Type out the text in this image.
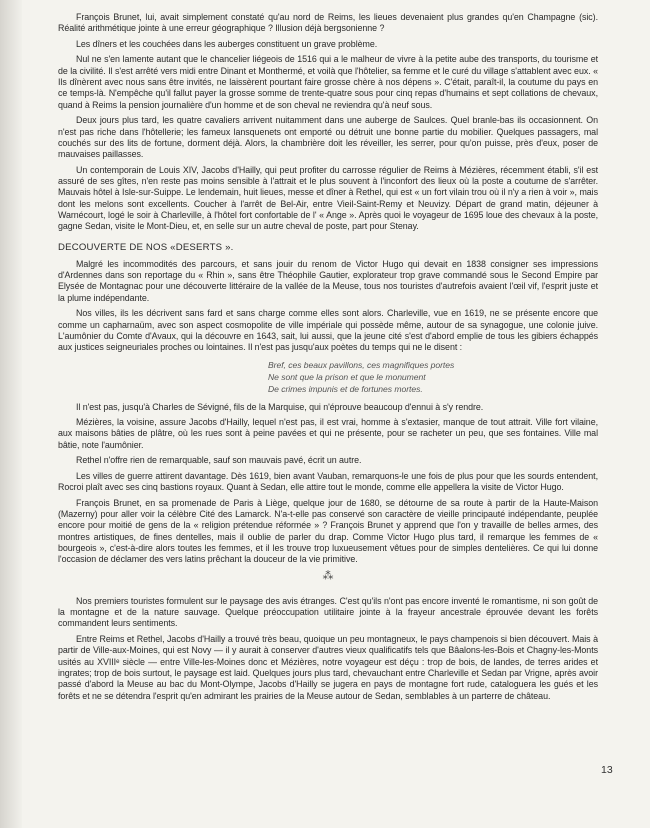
François Brunet, lui, avait simplement constaté qu'au nord de Reims, les lieues devenaient plus grandes qu'en Champagne (sic). Réalité arithmétique jointe à une erreur géographique ? Illusion déjà bergsonienne ?

Les dîners et les couchées dans les auberges constituent un grave problème.

Nul ne s'en lamente autant que le chancelier liégeois de 1516 qui a le malheur de vivre à la petite aube des transports, du tourisme et de la civilité. Il s'est arrêté vers midi entre Dinant et Monthermé, et voilà que l'hôtelier, sa femme et le curé du village s'attablent avec eux. « Ils dînèrent avec nous sans être invités, ne laissèrent pourtant faire grosse chère à nos dépens ». C'était, paraît-il, la coutume du pays en ce temps-là. N'empêche qu'il fallut payer la grosse somme de trente-quatre sous pour cinq repas d'humains et sept collations de chevaux, quand à Reims la pension journalière d'un homme et de son cheval ne reviendra qu'à neuf sous.

Deux jours plus tard, les quatre cavaliers arrivent nuitamment dans une auberge de Saulces. Quel branle-bas ils occasionnent. On n'est pas riche dans l'hôtellerie; les fameux lansquenets ont emporté ou détruit une bonne partie du mobilier. Quelques passagers, mal couchés sur des lits de fortune, dorment déjà. Alors, la chambrière doit les réveiller, les serrer, pour qu'on puisse, près d'eux, poser de mauvaises paillasses.

Un contemporain de Louis XIV, Jacobs d'Hailly, qui peut profiter du carrosse régulier de Reims à Mézières, récemment établi, s'il est assuré de ses gîtes, n'en reste pas moins sensible à l'attrait et le plus souvent à l'inconfort des lieux où la poste a coutume de s'arrêter. Mauvais hôtel à Isle-sur-Suippe. Le lendemain, huit lieues, messe et dîner à Rethel, qui est « un fort vilain trou où il n'y a rien à voir », mais dont les melons sont excellents. Coucher à l'arrêt de Bel-Air, entre Vieil-Saint-Remy et Neuvizy. Départ de grand matin, déjeuner à Warnécourt, logé le soir à Charleville, à l'hôtel fort confortable de l' « Ange ». Après quoi le voyageur de 1695 loue des chevaux à la poste, gagne Sedan, visite le Mont-Dieu, et, en selle sur un autre cheval de poste, part pour Stenay.

DECOUVERTE DE NOS «DESERTS ».

Malgré les incommodités des parcours, et sans jouir du renom de Victor Hugo qui devait en 1838 consigner ses impressions d'Ardennes dans son reportage du « Rhin », sans être Théophile Gautier, explorateur trop grave commandé sous le Second Empire par Elysée de Montagnac pour une découverte littéraire de la vallée de la Meuse, tous nos touristes d'autrefois avaient l'œil vif, l'esprit juste et la plume indépendante.

Nos villes, ils les décrivent sans fard et sans charge comme elles sont alors. Charleville, vue en 1619, ne se présente encore que comme un capharnaüm, avec son aspect cosmopolite de ville impériale qui possède même, autour de sa synagogue, une colonie juive. L'aumônier du Comte d'Avaux, qui la découvre en 1643, sait, lui aussi, que la jeune cité s'est d'abord emplie de tous les gibiers échappés aux justices seigneuriales proches ou lointaines. Il n'est pas jusqu'aux poètes du temps qui ne le disent :

Bref, ces beaux pavillons, ces magnifiques portes
Ne sont que la prison et que le monument
De crimes impunis et de fortunes mortes.

Il n'est pas, jusqu'à Charles de Sévigné, fils de la Marquise, qui n'éprouve beaucoup d'ennui à s'y rendre.

Mézières, la voisine, assure Jacobs d'Hailly, lequel n'est pas, il est vrai, homme à s'extasier, manque de tout attrait. Ville fort vilaine, aux maisons bâties de plâtre, où les rues sont à peine pavées et qui ne présente, pour se racheter un peu, que ses fontaines. Ville mal bâtie, note l'aumônier.

Rethel n'offre rien de remarquable, sauf son mauvais pavé, écrit un autre.

Les villes de guerre attirent davantage. Dès 1619, bien avant Vauban, remarquons-le une fois de plus pour que les sourds entendent, Rocroi plaît avec ses cinq bastions royaux. Quant à Sedan, elle attire tout le monde, comme elle appellera la visite de Victor Hugo.

François Brunet, en sa promenade de Paris à Liège, quelque jour de 1680, se détourne de sa route à partir de la Haute-Maison (Mazerny) pour aller voir la célèbre Cité des Lamarck. N'a-t-elle pas conservé son caractère de vieille principauté indépendante, peuplée encore pour moitié de gens de la « religion prétendue réformée » ? François Brunet y apprend que l'on y travaille de belles armes, des montres artistiques, de fines dentelles, mais il oublie de parler du drap. Comme Victor Hugo plus tard, il remarque les femmes de « bourgeois », c'est-à-dire alors toutes les femmes, et il les trouve trop luxueusement vêtues pour de simples dentelières. Ce qui lui donne l'occasion de déclamer des vers latins prêchant la douceur de la vie primitive.

⁂

Nos premiers touristes formulent sur le paysage des avis étranges. C'est qu'ils n'ont pas encore inventé le romantisme, ni son goût de la montagne et de la nature sauvage. Quelque préoccupation utilitaire jointe à la frayeur ancestrale éprouvée devant les forêts commandent leurs sentiments.

Entre Reims et Rethel, Jacobs d'Hailly a trouvé très beau, quoique un peu montagneux, le pays champenois si bien découvert. Mais à partir de Ville-aux-Moines, qui est Novy — il y aurait à conserver d'autres vieux qualificatifs tels que Bâalons-les-Bois et Chagny-les-Monts usités au XVIIIᵉ siècle — entre Ville-les-Moines donc et Mézières, notre voyageur est déçu : trop de bois, de landes, de terres arides et ingrates; trop de bois surtout, le paysage est laid. Quelques jours plus tard, chevauchant entre Charleville et Sedan par Vrigne, après avoir passé d'abord la Meuse au bac du Mont-Olympe, Jacobs d'Hailly se jugera en pays de montagne fort rude, cataloguera les gués et les forêts et ne se détendra l'esprit qu'en admirant les prairies de la Meuse autour de Sedan, semblables à un parterre de château.

13
